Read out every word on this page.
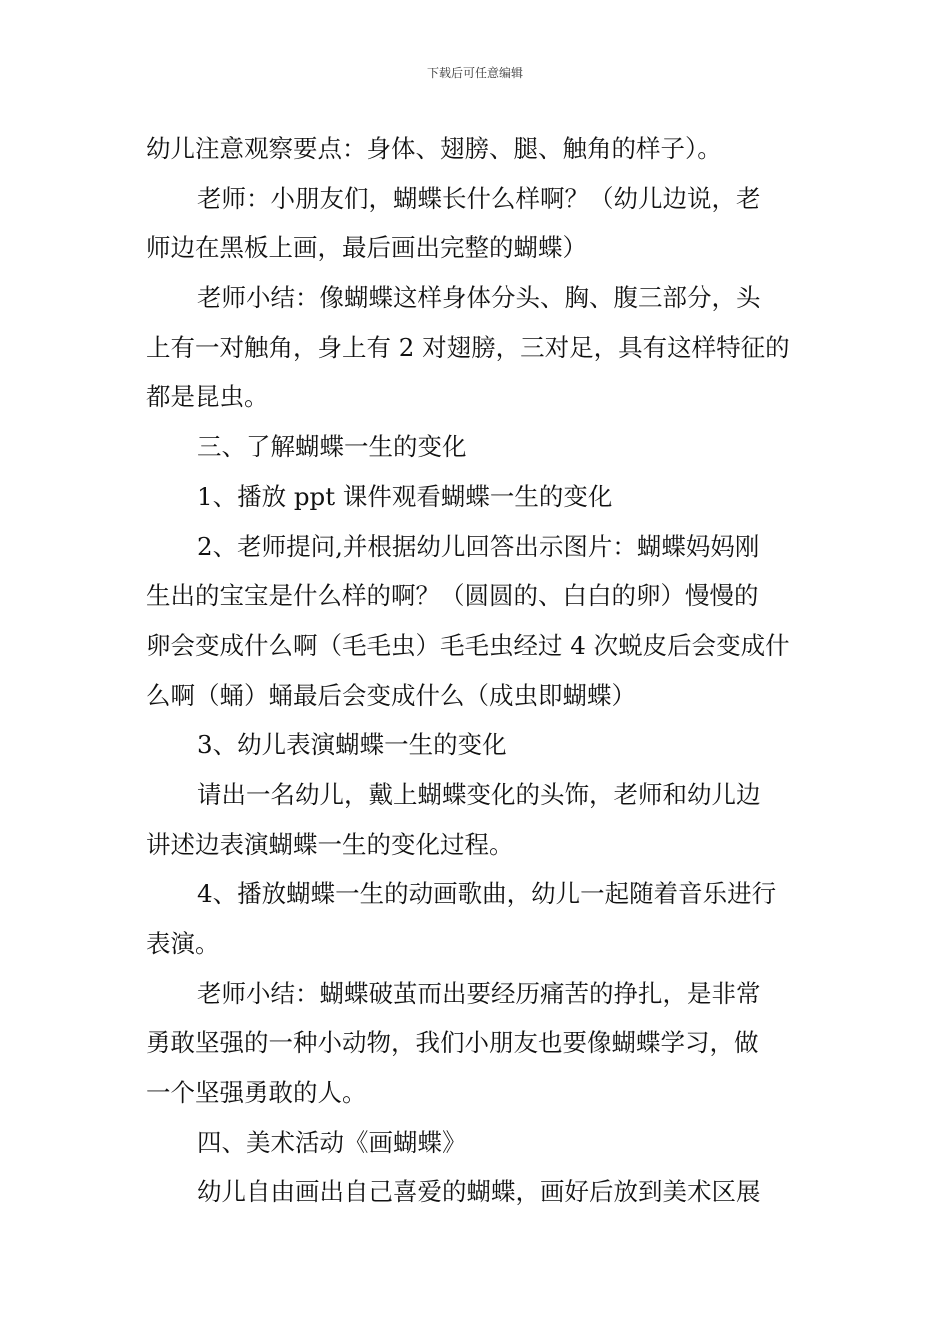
下载后可任意编辑
幼儿注意观察要点：身体、翅膀、腿、触角的样子）。
老师：小朋友们，蝴蝶长什么样啊？（幼儿边说，老
师边在黑板上画，最后画出完整的蝴蝶）
老师小结：像蝴蝶这样身体分头、胸、腹三部分，头
上有一对触角，身上有 2 对翅膀，三对足，具有这样特征的
都是昆虫。
三、了解蝴蝶一生的变化
1、播放 ppt 课件观看蝴蝶一生的变化
2、老师提问,并根据幼儿回答出示图片：蝴蝶妈妈刚
生出的宝宝是什么样的啊？（圆圆的、白白的卵）慢慢的
卵会变成什么啊（毛毛虫）毛毛虫经过 4 次蜕皮后会变成什
么啊（蛹）蛹最后会变成什么（成虫即蝴蝶）
3、幼儿表演蝴蝶一生的变化
请出一名幼儿，戴上蝴蝶变化的头饰，老师和幼儿边
讲述边表演蝴蝶一生的变化过程。
4、播放蝴蝶一生的动画歌曲，幼儿一起随着音乐进行
表演。
老师小结：蝴蝶破茧而出要经历痛苦的挣扎，是非常
勇敢坚强的一种小动物，我们小朋友也要像蝴蝶学习，做
一个坚强勇敢的人。
四、美术活动《画蝴蝶》
幼儿自由画出自己喜爱的蝴蝶，画好后放到美术区展
